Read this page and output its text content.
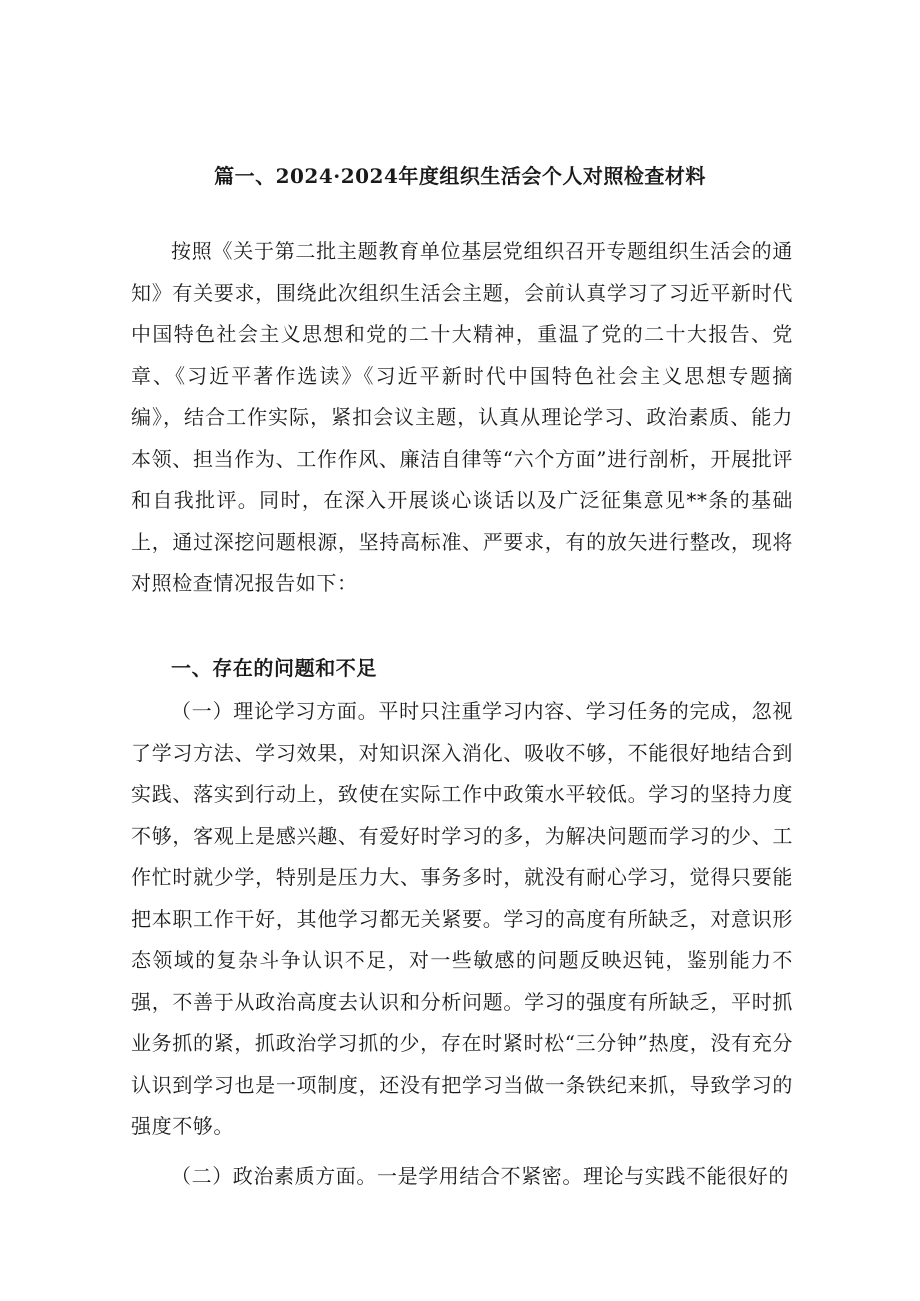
篇一、2024·2024年度组织生活会个人对照检查材料

按照《关于第二批主题教育单位基层党组织召开专题组织生活会的通知》有关要求，围绕此次组织生活会主题，会前认真学习了习近平新时代中国特色社会主义思想和党的二十大精神，重温了党的二十大报告、党章、《习近平著作选读》《习近平新时代中国特色社会主义思想专题摘编》，结合工作实际，紧扣会议主题，认真从理论学习、政治素质、能力本领、担当作为、工作作风、廉洁自律等“六个方面”进行剖析，开展批评和自我批评。同时，在深入开展谈心谈话以及广泛征集意见**条的基础上，通过深挖问题根源，坚持高标准、严要求，有的放矢进行整改，现将对照检查情况报告如下：

一、存在的问题和不足

（一）理论学习方面。平时只注重学习内容、学习任务的完成，忽视了学习方法、学习效果，对知识深入消化、吸收不够，不能很好地结合到实践、落实到行动上，致使在实际工作中政策水平较低。学习的坚持力度不够，客观上是感兴趣、有爱好时学习的多，为解决问题而学习的少、工作忙时就少学，特别是压力大、事务多时，就没有耐心学习，觉得只要能把本职工作干好，其他学习都无关紧要。学习的高度有所缺乏，对意识形态领域的复杂斗争认识不足，对一些敏感的问题反映迟钝，鉴别能力不强，不善于从政治高度去认识和分析问题。学习的强度有所缺乏，平时抓业务抓的紧，抓政治学习抓的少，存在时紧时松“三分钟”热度，没有充分认识到学习也是一项制度，还没有把学习当做一条铁纪来抓，导致学习的强度不够。

（二）政治素质方面。一是学用结合不紧密。理论与实践不能很好的
